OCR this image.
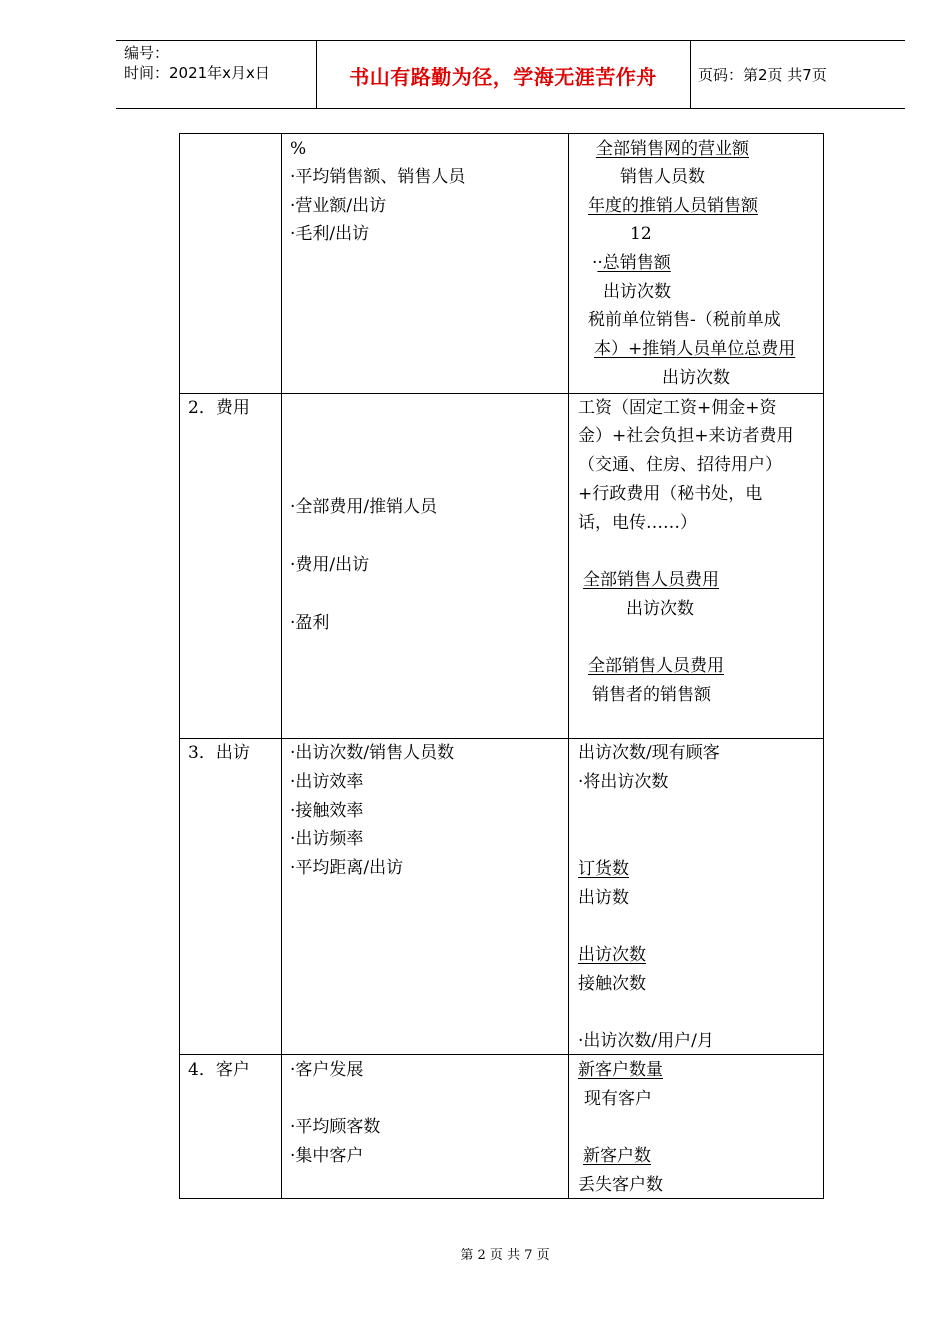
编号：
时间：2021年x月x日	书山有路勤为径，学海无涯苦作舟	页码：第2页 共7页
%
·平均销售额、销售人员
·营业额/出访
·毛利/出访
全部销售网的营业额
销售人员数
年度的推销人员销售额
12
··总销售额
出访次数
税前单位销售-（税前单成
本）+推销人员单位总费用
出访次数
2．费用
·全部费用/推销人员
·费用/出访
·盈利
工资（固定工资+佣金+资
金）+社会负担+来访者费用
（交通、住房、招待用户）
+行政费用（秘书处，电
话，电传……）
全部销售人员费用
出访次数
全部销售人员费用
销售者的销售额
3．出访 ·出访次数/销售人员数
·出访效率
·接触效率
·出访频率
·平均距离/出访
出访次数/现有顾客
·将出访次数
订货数
出访数
出访次数
接触次数
·出访次数/用户/月
4．客户 ·客户发展
·平均顾客数
·集中客户
新客户数量
现有客户
新客户数
丢失客户数
第 2 页 共 7 页
